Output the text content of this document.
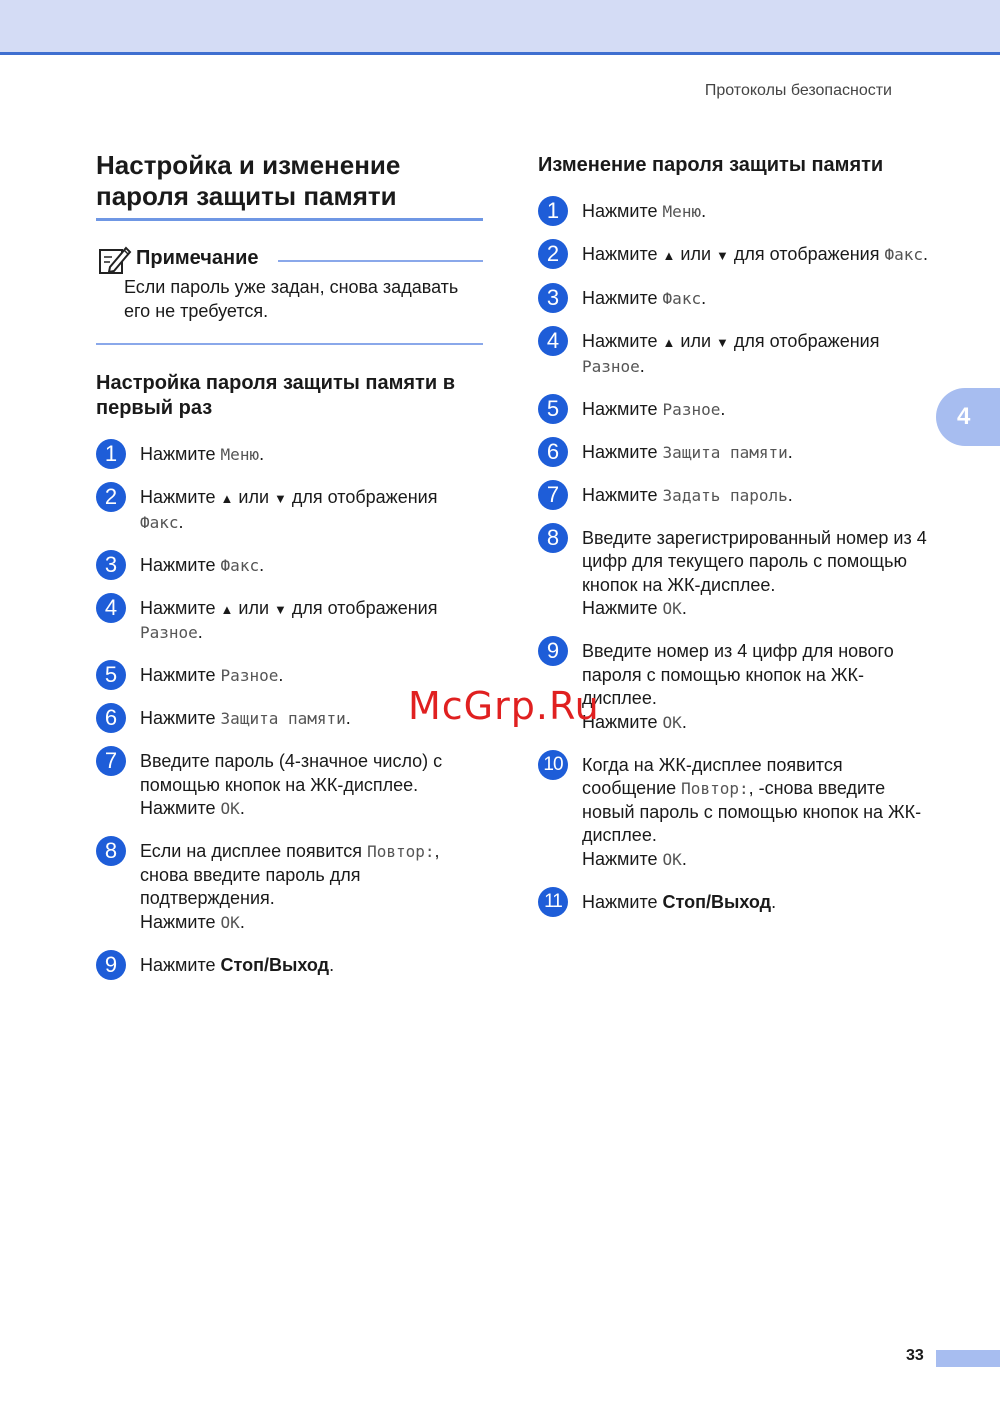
Протоколы безопасности
4
Настройка и изменение пароля защиты памяти
Примечание
Если пароль уже задан, снова задавать его не требуется.
Настройка пароля защиты памяти в первый раз
1	Нажмите Меню.
2	Нажмите ▲ или ▼ для отображения Факс.
3	Нажмите Факс.
4	Нажмите ▲ или ▼ для отображения Разное.
5	Нажмите Разное.
6	Нажмите Защита памяти.
7	Введите пароль (4-значное число) с помощью кнопок на ЖК-дисплее.
Нажмите OK.
8	Если на дисплее появится Повтор:, снова введите пароль для подтверждения.
Нажмите OK.
9	Нажмите Стоп/Выход.
Изменение пароля защиты памяти
1	Нажмите Меню.
2	Нажмите ▲ или ▼ для отображения Факс.
3	Нажмите Факс.
4	Нажмите ▲ или ▼ для отображения Разное.
5	Нажмите Разное.
6	Нажмите Защита памяти.
7	Нажмите Задать пароль.
8	Введите зарегистрированный номер из 4 цифр для текущего пароль с помощью кнопок на ЖК-дисплее.
Нажмите OK.
9	Введите номер из 4 цифр для нового пароля с помощью кнопок на ЖК-дисплее.
Нажмите OK.
10	Когда на ЖК-дисплее появится сообщение Повтор:, -снова введите новый пароль с помощью кнопок на ЖК-дисплее.
Нажмите OK.
11	Нажмите Стоп/Выход.
McGrp.Ru
33
